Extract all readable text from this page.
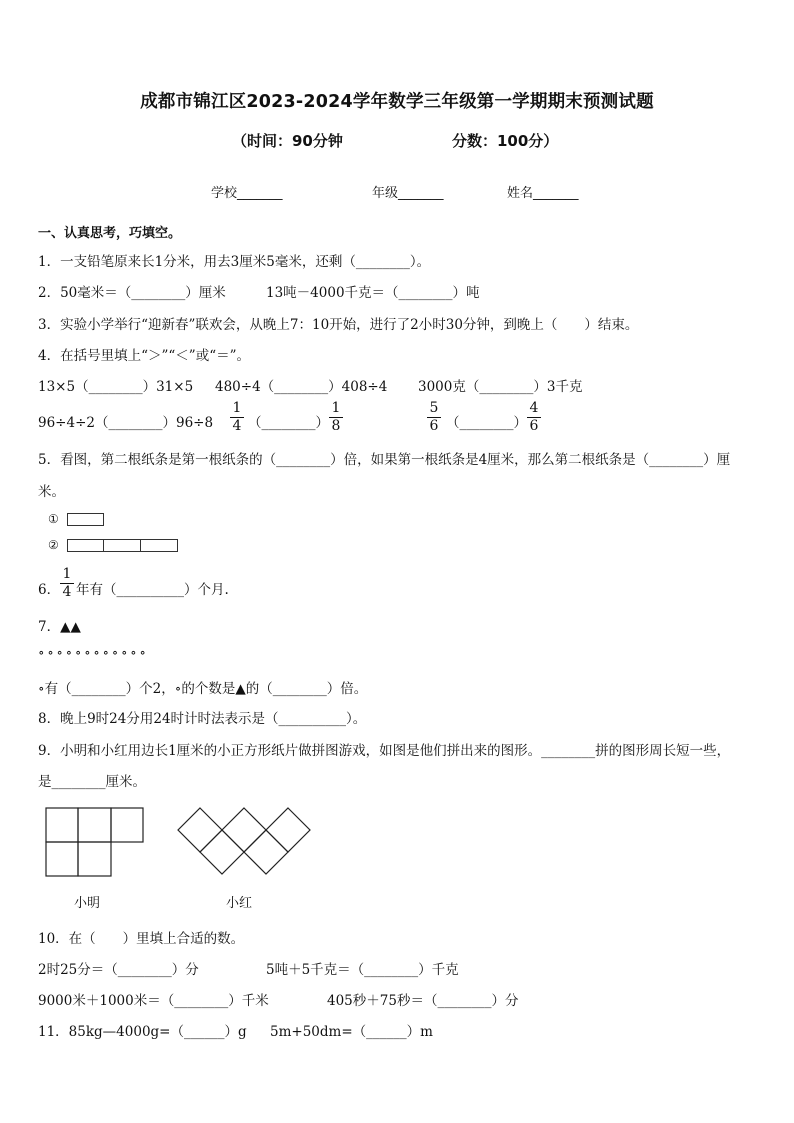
成都市锦江区2023-2024学年数学三年级第一学期期末预测试题
（时间：90分钟	分数：100分）
学校_______	年级_______	姓名_______
一、认真思考，巧填空。
1．一支铅笔原来长1分米，用去3厘米5毫米，还剩（________）。
2．50毫米＝（________）厘米	13吨－4000千克＝（________）吨
3．实验小学举行“迎新春”联欢会，从晚上7：10开始，进行了2小时30分钟，到晚上（　　）结束。
4．在括号里填上“＞”“＜”或“＝”。
13×5（________）31×5 480÷4（________）408÷4 3000克（________）3千克
96÷4÷2（________）96÷8 $\frac{1}{4}$ （________） $\frac{1}{8}$	$\frac{5}{6}$ （________） $\frac{4}{6}$
5．看图，第二根纸条是第一根纸条的（________）倍，如果第一根纸条是4厘米，那么第二根纸条是（________）厘
米。
①
②
6． $\frac{1}{4}$ 年有（__________）个月.
7．▲▲
∘∘∘∘∘∘∘∘∘∘∘∘
∘有（________）个2，∘的个数是▲的（________）倍。
8．晚上9时24分用24时计时法表示是（__________）。
9．小明和小红用边长1厘米的小正方形纸片做拼图游戏，如图是他们拼出来的图形。________拼的图形周长短一些，
是________厘米。
小明	小红
10．在（　　）里填上合适的数。
2时25分＝（________）分	5吨＋5千克＝（________）千克
9000米＋1000米＝（________）千米	405秒＋75秒＝（________）分
11．85kg—4000g=（______）g 5m+50dm=（______）m
